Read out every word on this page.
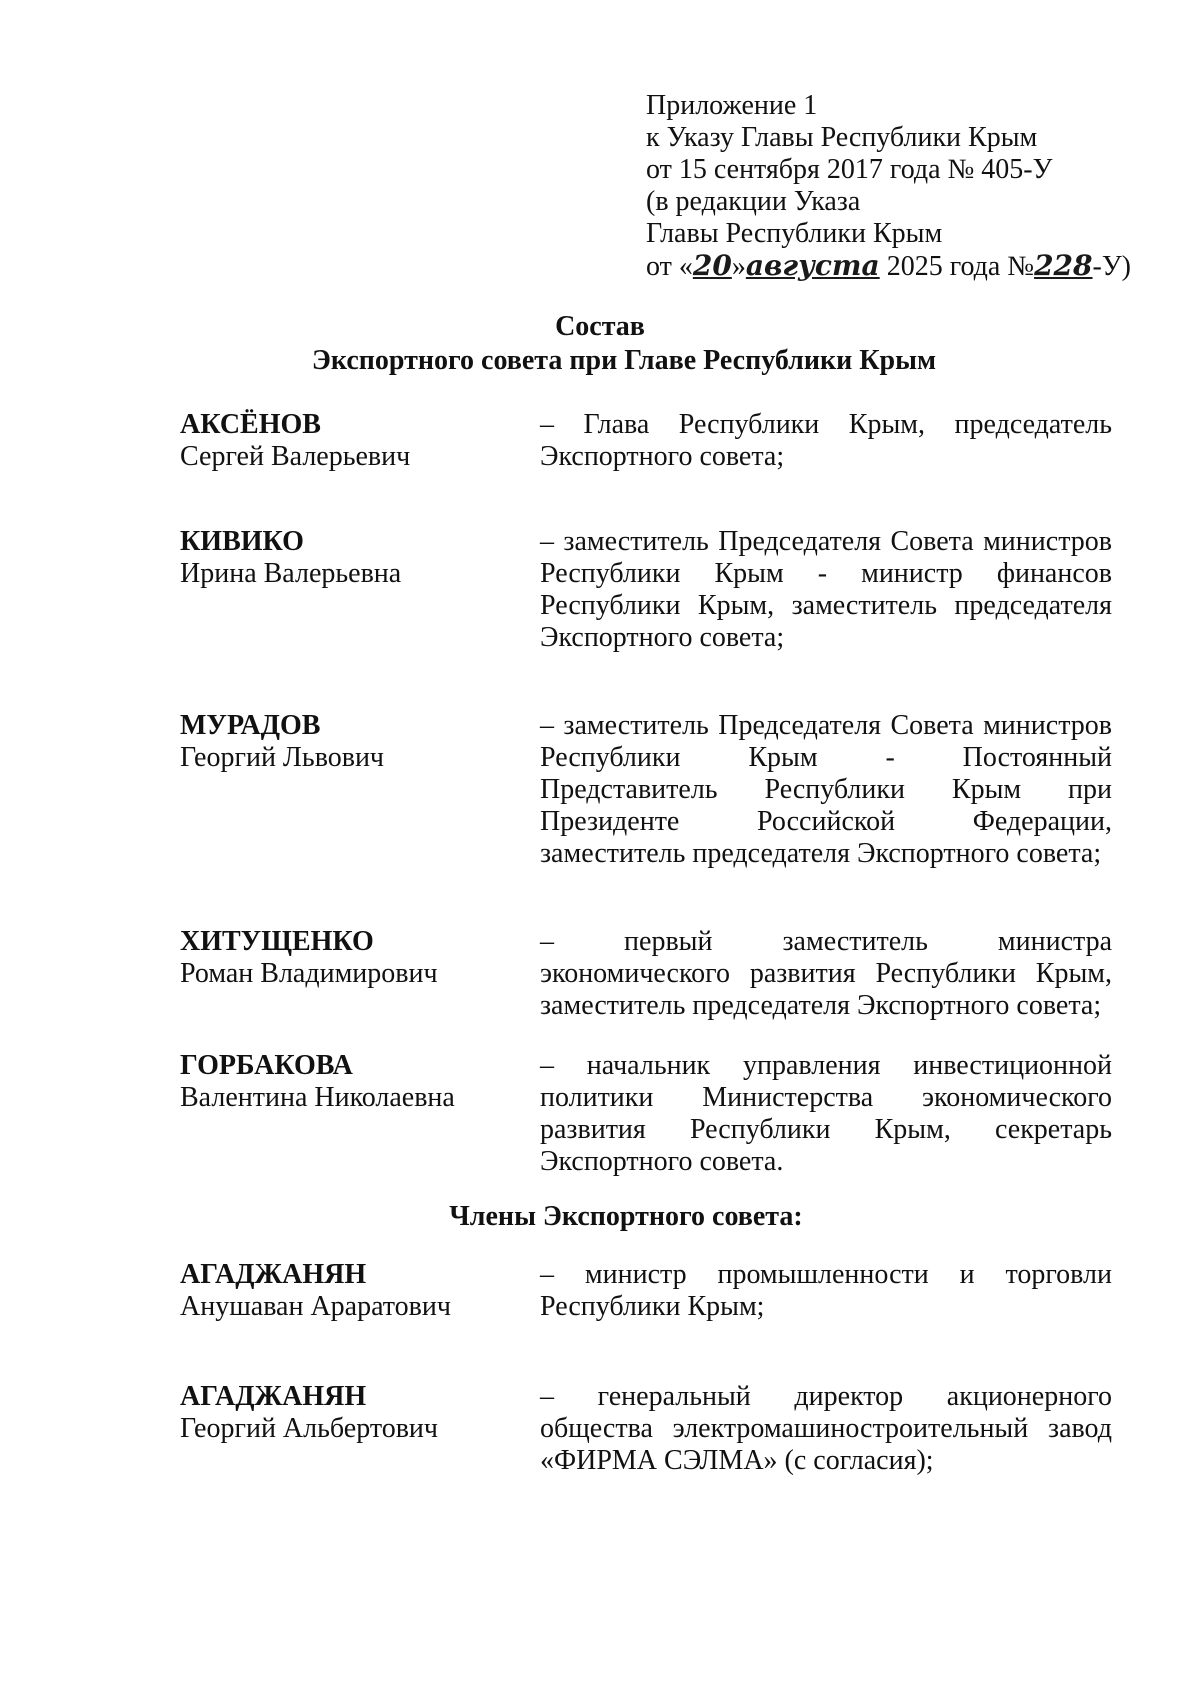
Приложение 1
к Указу Главы Республики Крым
от 15 сентября 2017 года № 405-У
(в редакции Указа
Главы Республики Крым
от «20»августа 2025 года №228-У)
Состав
Экспортного совета при Главе Республики Крым
АКСЁНОВ
Сергей Валерьевич
– Глава Республики Крым, председатель Экспортного совета;
КИВИКО
Ирина Валерьевна
– заместитель Председателя Совета министров Республики Крым - министр финансов Республики Крым, заместитель председателя Экспортного совета;
МУРАДОВ
Георгий Львович
– заместитель Председателя Совета министров Республики Крым - Постоянный Представитель Республики Крым при Президенте Российской Федерации, заместитель председателя Экспортного совета;
ХИТУЩЕНКО
Роман Владимирович
– первый заместитель министра экономического развития Республики Крым, заместитель председателя Экспортного совета;
ГОРБАКОВА
Валентина Николаевна
– начальник управления инвестиционной политики Министерства экономического развития Республики Крым, секретарь Экспортного совета.
Члены Экспортного совета:
АГАДЖАНЯН
Анушаван Араратович
– министр промышленности и торговли Республики Крым;
АГАДЖАНЯН
Георгий Альбертович
– генеральный директор акционерного общества электромашиностроительный завод «ФИРМА СЭЛМА» (с согласия);
